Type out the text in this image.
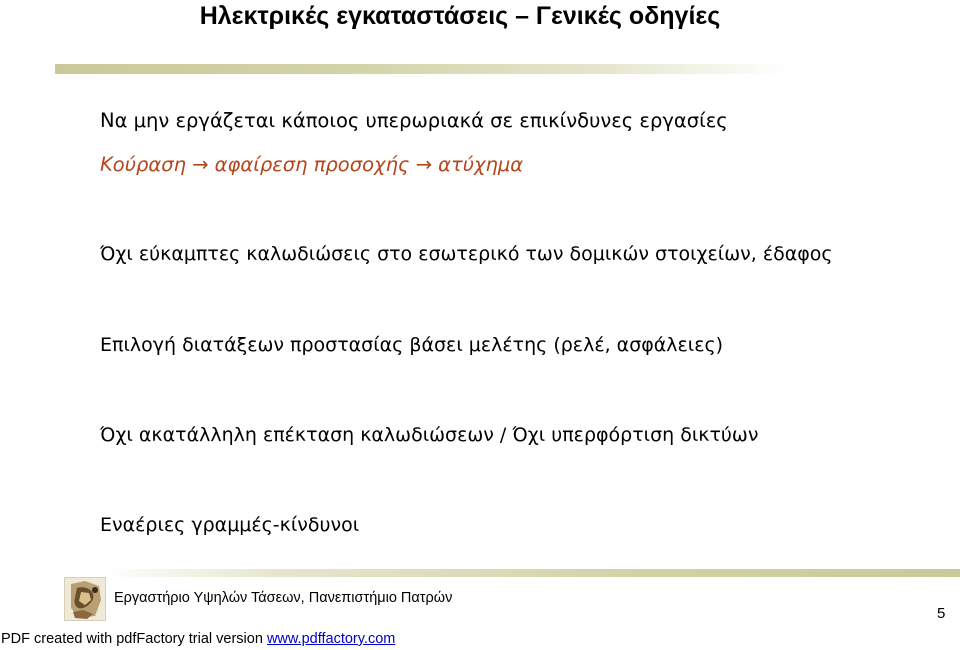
Ηλεκτρικές εγκαταστάσεις – Γενικές οδηγίες
Να μην εργάζεται κάποιος υπερωριακά σε επικίνδυνες εργασίες
Κούραση → αφαίρεση προσοχής → ατύχημα
Όχι εύκαμπτες καλωδιώσεις στο εσωτερικό των δομικών στοιχείων, έδαφος
Επιλογή διατάξεων προστασίας βάσει μελέτης (ρελέ, ασφάλειες)
Όχι ακατάλληλη επέκταση καλωδιώσεων / Όχι υπερφόρτιση δικτύων
Εναέριες γραμμές-κίνδυνοι
Εργαστήριο Υψηλών Τάσεων, Πανεπιστήμιο Πατρών
5
PDF created with pdfFactory trial version www.pdffactory.com
